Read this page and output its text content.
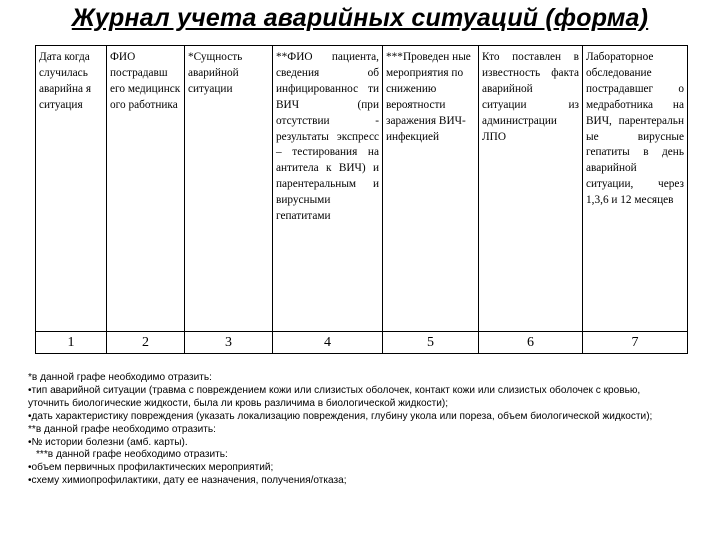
Журнал учета аварийных ситуаций (форма)
Дата когда случилась аварийна я ситуация	ФИО пострадавш его медицинск ого работника	*Сущность аварийной ситуации	**ФИО пациента, сведения об инфицированнос ти ВИЧ (при отсутствии - результаты экспресс – тестирования на антитела к ВИЧ) и парентеральным и вирусными гепатитами	***Проведен ные мероприятия по снижению вероятности заражения ВИЧ-инфекцией	Кто поставлен в известность факта аварийной ситуации из администрации ЛПО	Лабораторное обследование пострадавшег о медработника на ВИЧ, парентеральн ые вирусные гепатиты в день аварийной ситуации, через 1,3,6 и 12 месяцев
1	2	3	4	5	6	7
*в данной графе необходимо отразить:
•тип аварийной ситуации (травма с повреждением кожи или слизистых оболочек, контакт кожи или слизистых оболочек с кровью, уточнить биологические жидкости, была ли кровь различима в биологической жидкости);
•дать характеристику повреждения (указать локализацию повреждения, глубину укола или пореза, объем биологической жидкости);
**в данной графе необходимо отразить:
•№ истории болезни (амб. карты).
***в данной графе необходимо отразить:
•объем первичных профилактических мероприятий;
•схему химиопрофилактики, дату ее назначения, получения/отказа;
